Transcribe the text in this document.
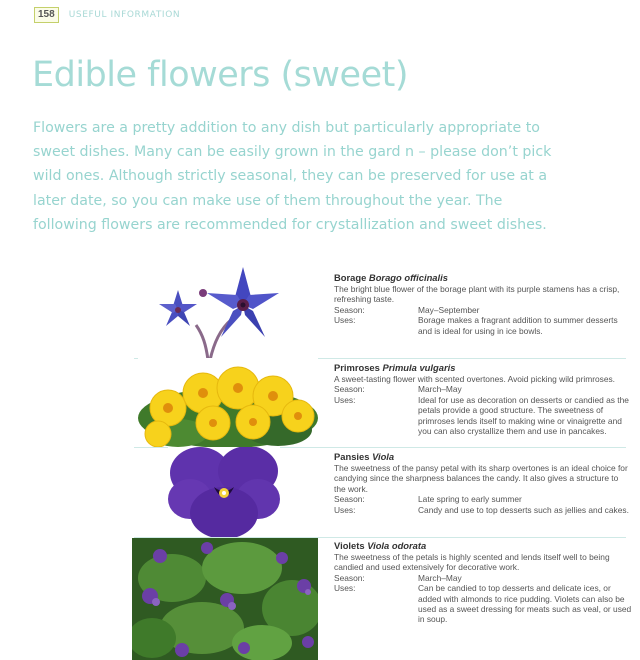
158	USEFUL INFORMATION
Edible flowers (sweet)

Flowers are a pretty addition to any dish but particularly appropriate to sweet dishes. Many can be easily grown in the gard n – please don’t pick wild ones. Although strictly seasonal, they can be preserved for use at a later date, so you can make use of them throughout the year. The following flowers are recommended for crystallization and sweet dishes.

Borage Borago officinalis
The bright blue flower of the borage plant with its purple stamens has a crisp, refreshing taste.
Season:	May–September
Uses:	Borage makes a fragrant addition to summer desserts and is ideal for using in ice bowls.
Primroses Primula vulgaris
A sweet-tasting flower with scented overtones. Avoid picking wild primroses.
Season:	March–May
Uses:	Ideal for use as decoration on desserts or candied as the petals provide a good structure. The sweetness of primroses lends itself to making wine or vinaigrette and you can also crystallize them and use in pancakes.
Pansies Viola
The sweetness of the pansy petal with its sharp overtones is an ideal choice for candying since the sharpness balances the candy. It also gives a structure to the work.
Season:	Late spring to early summer
Uses:	Candy and use to top desserts such as jellies and cakes.
Violets Viola odorata
The sweetness of the petals is highly scented and lends itself well to being candied and used extensively for decorative work.
Season:	March–May
Uses:	Can be candied to top desserts and delicate ices, or added with almonds to rice pudding. Violets can also be used as a sweet dressing for meats such as veal, or used in soup.
